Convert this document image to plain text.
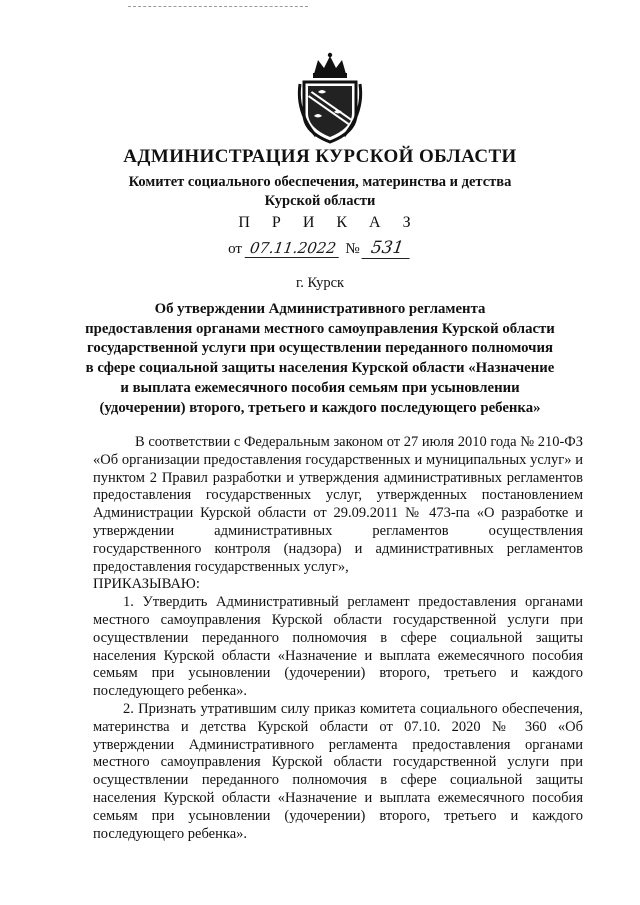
АДМИНИСТРАЦИЯ КУРСКОЙ ОБЛАСТИ
Комитет социального обеспечения, материнства и детства
Курской области
П Р И К А З
от 07.11.2022 № 531
г. Курск
Об утверждении Административного регламента
предоставления органами местного самоуправления Курской области
государственной услуги при осуществлении переданного полномочия
в сфере социальной защиты населения Курской области «Назначение
и выплата ежемесячного пособия семьям при усыновлении
(удочерении) второго, третьего и каждого последующего ребенка»

В соответствии с Федеральным законом от 27 июля 2010 года № 210-ФЗ «Об организации предоставления государственных и муниципальных услуг» и пунктом 2 Правил разработки и утверждения административных регламентов предоставления государственных услуг, утвержденных постановлением Администрации Курской области от 29.09.2011 № 473-па «О разработке и утверждении административных регламентов осуществления государственного контроля (надзора) и административных регламентов предоставления государственных услуг»,

ПРИКАЗЫВАЮ:

1. Утвердить Административный регламент предоставления органами местного самоуправления Курской области государственной услуги при осуществлении переданного полномочия в сфере социальной защиты населения Курской области «Назначение и выплата ежемесячного пособия семьям при усыновлении (удочерении) второго, третьего и каждого последующего ребенка».

2. Признать утратившим силу приказ комитета социального обеспечения, материнства и детства Курской области от 07.10. 2020 № 360 «Об утверждении Административного регламента предоставления органами местного самоуправления Курской области государственной услуги при осуществлении переданного полномочия в сфере социальной защиты населения Курской области «Назначение и выплата ежемесячного пособия семьям при усыновлении (удочерении) второго, третьего и каждого последующего ребенка».
